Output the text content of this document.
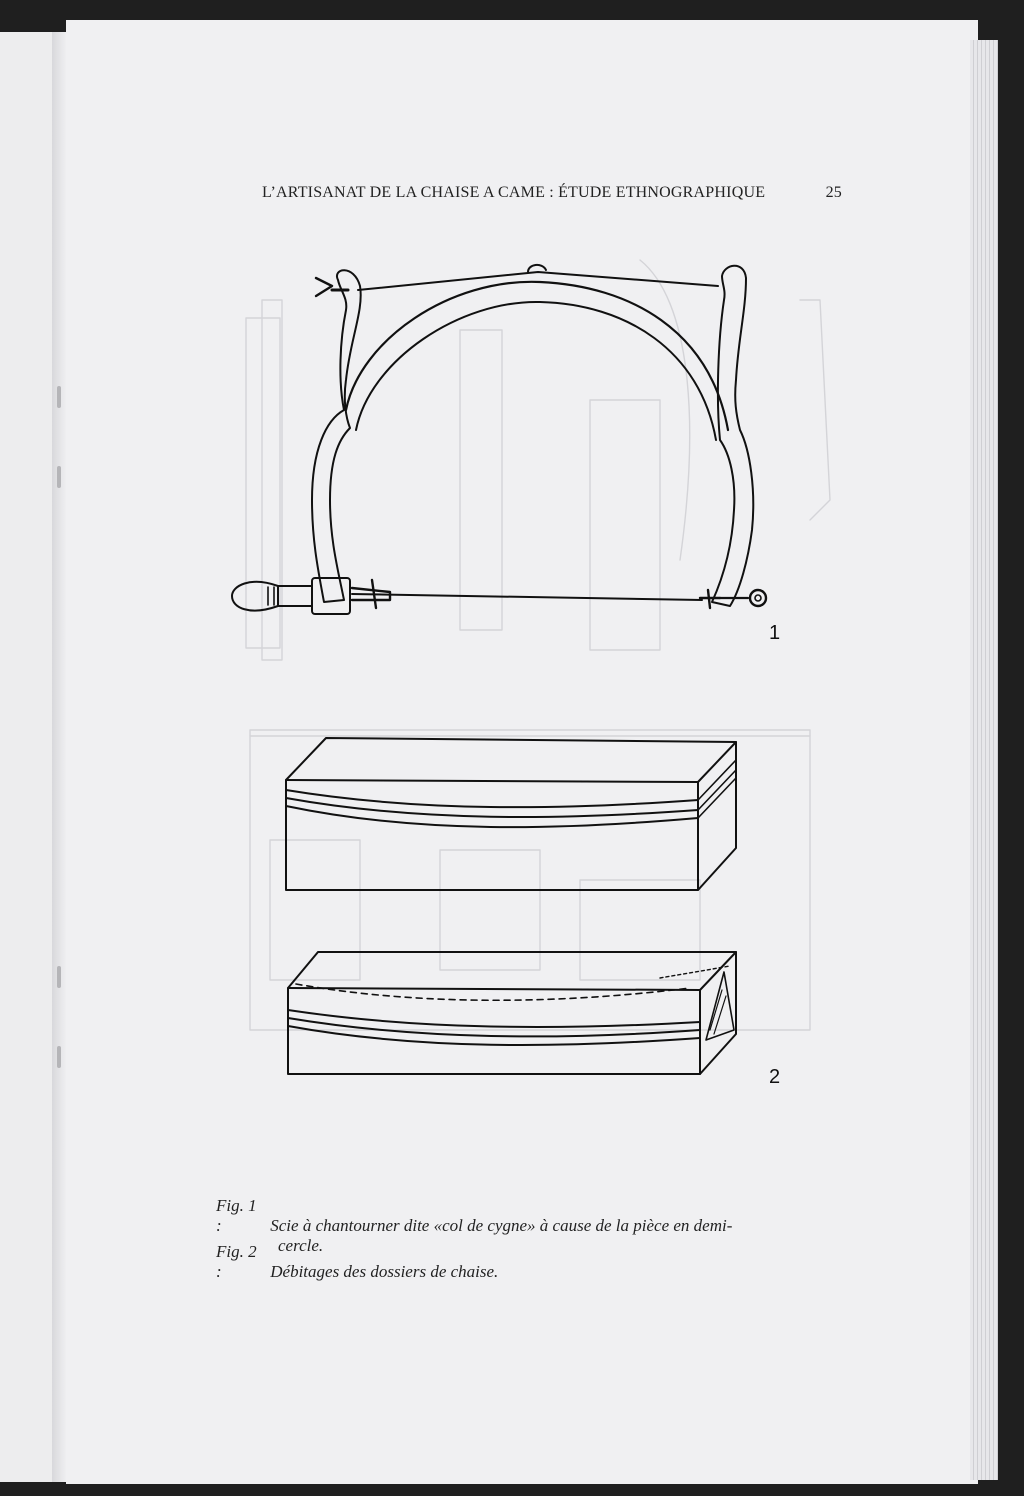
L’ARTISANAT DE LA CHAISE A CAME : ÉTUDE ETHNOGRAPHIQUE	25
1
2
Fig. 1 :	Scie à chantourner dite «col de cygne» à cause de la pièce en demi-
cercle.
Fig. 2 :	Débitages des dossiers de chaise.
